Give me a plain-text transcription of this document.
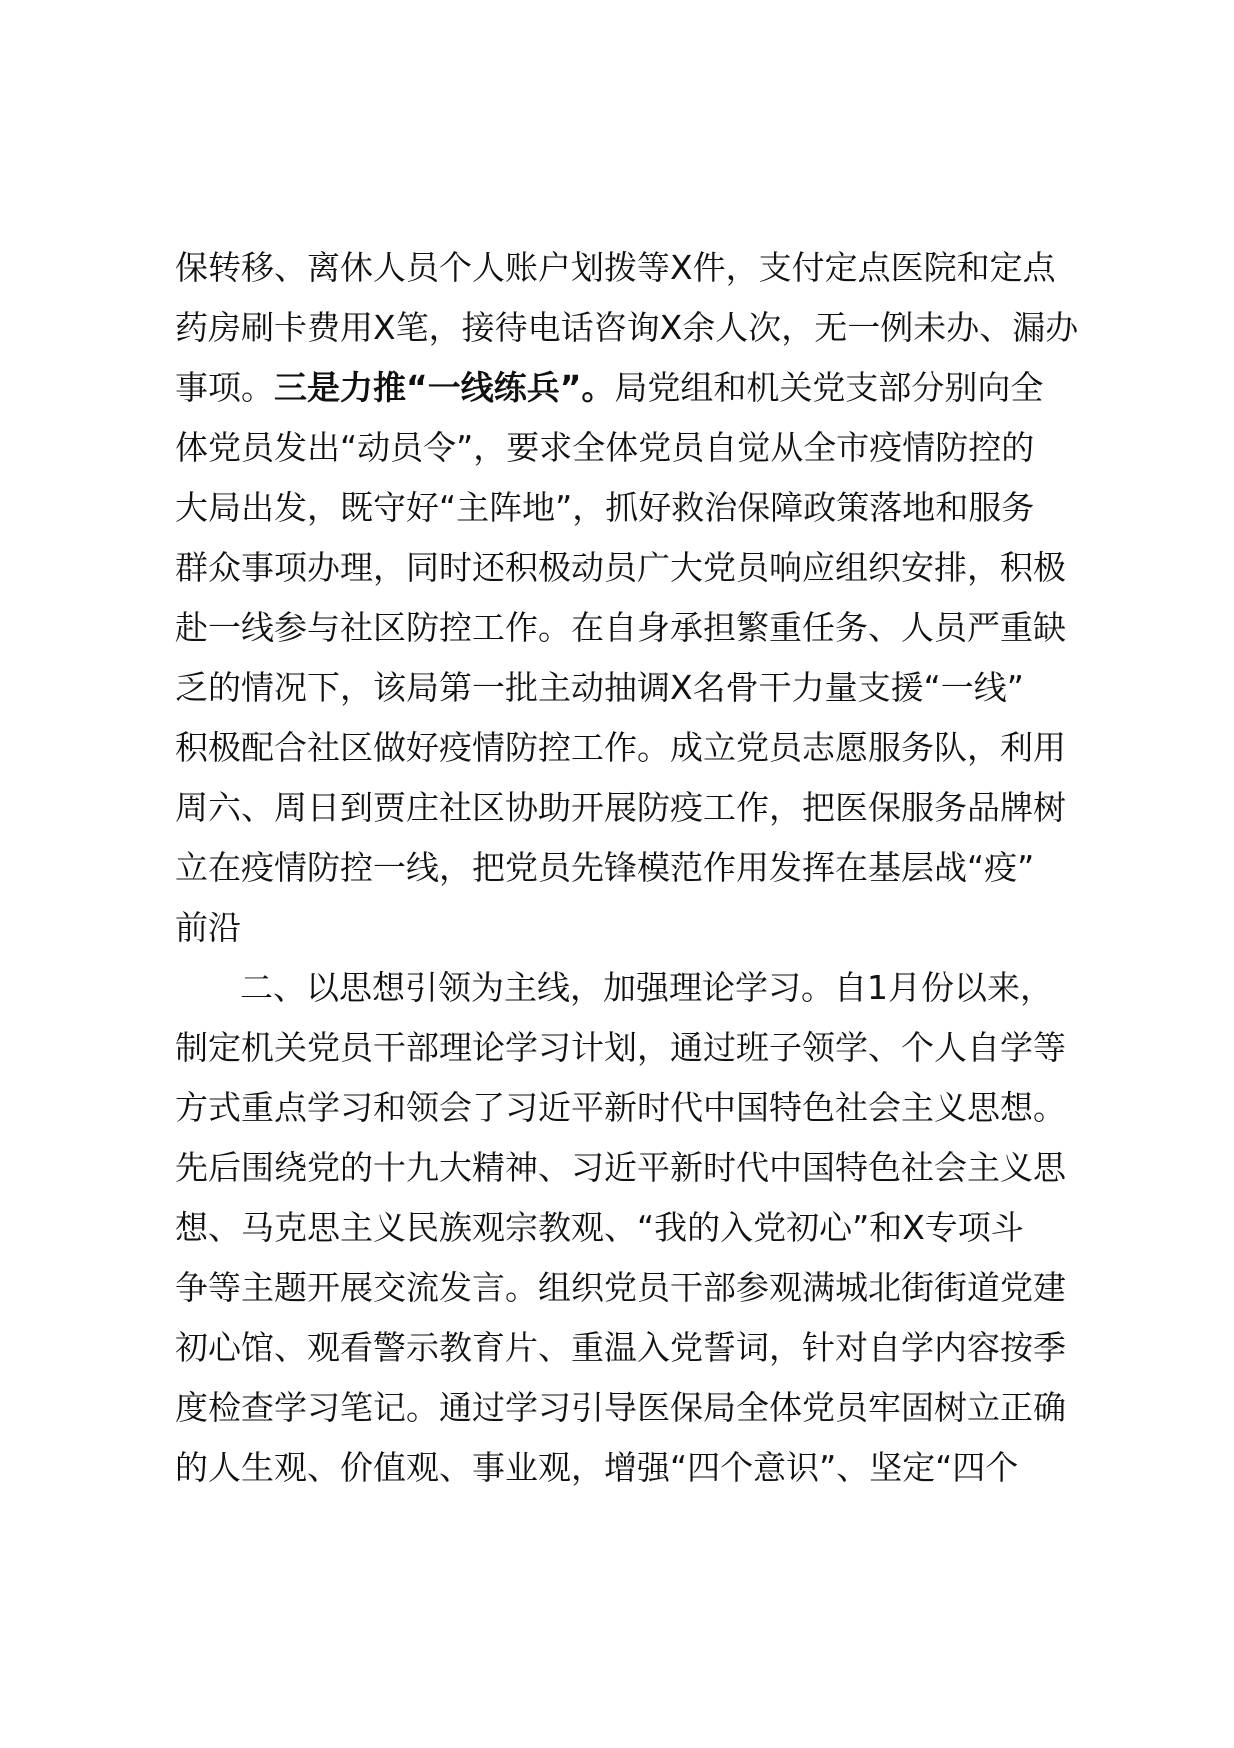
保转移、离休人员个人账户划拨等X件，支付定点医院和定点
药房刷卡费用X笔，接待电话咨询X余人次，无一例未办、漏办
事项。三是力推“一线练兵”。局党组和机关党支部分别向全
体党员发出“动员令”，要求全体党员自觉从全市疫情防控的
大局出发，既守好“主阵地”，抓好救治保障政策落地和服务
群众事项办理，同时还积极动员广大党员响应组织安排，积极
赴一线参与社区防控工作。在自身承担繁重任务、人员严重缺
乏的情况下，该局第一批主动抽调X名骨干力量支援“一线”
积极配合社区做好疫情防控工作。成立党员志愿服务队，利用
周六、周日到贾庄社区协助开展防疫工作，把医保服务品牌树
立在疫情防控一线，把党员先锋模范作用发挥在基层战“疫”
前沿
二、以思想引领为主线，加强理论学习。自1月份以来，
制定机关党员干部理论学习计划，通过班子领学、个人自学等
方式重点学习和领会了习近平新时代中国特色社会主义思想。
先后围绕党的十九大精神、习近平新时代中国特色社会主义思
想、马克思主义民族观宗教观、“我的入党初心”和X专项斗
争等主题开展交流发言。组织党员干部参观满城北街街道党建
初心馆、观看警示教育片、重温入党誓词，针对自学内容按季
度检查学习笔记。通过学习引导医保局全体党员牢固树立正确
的人生观、价值观、事业观，增强“四个意识”、坚定“四个
